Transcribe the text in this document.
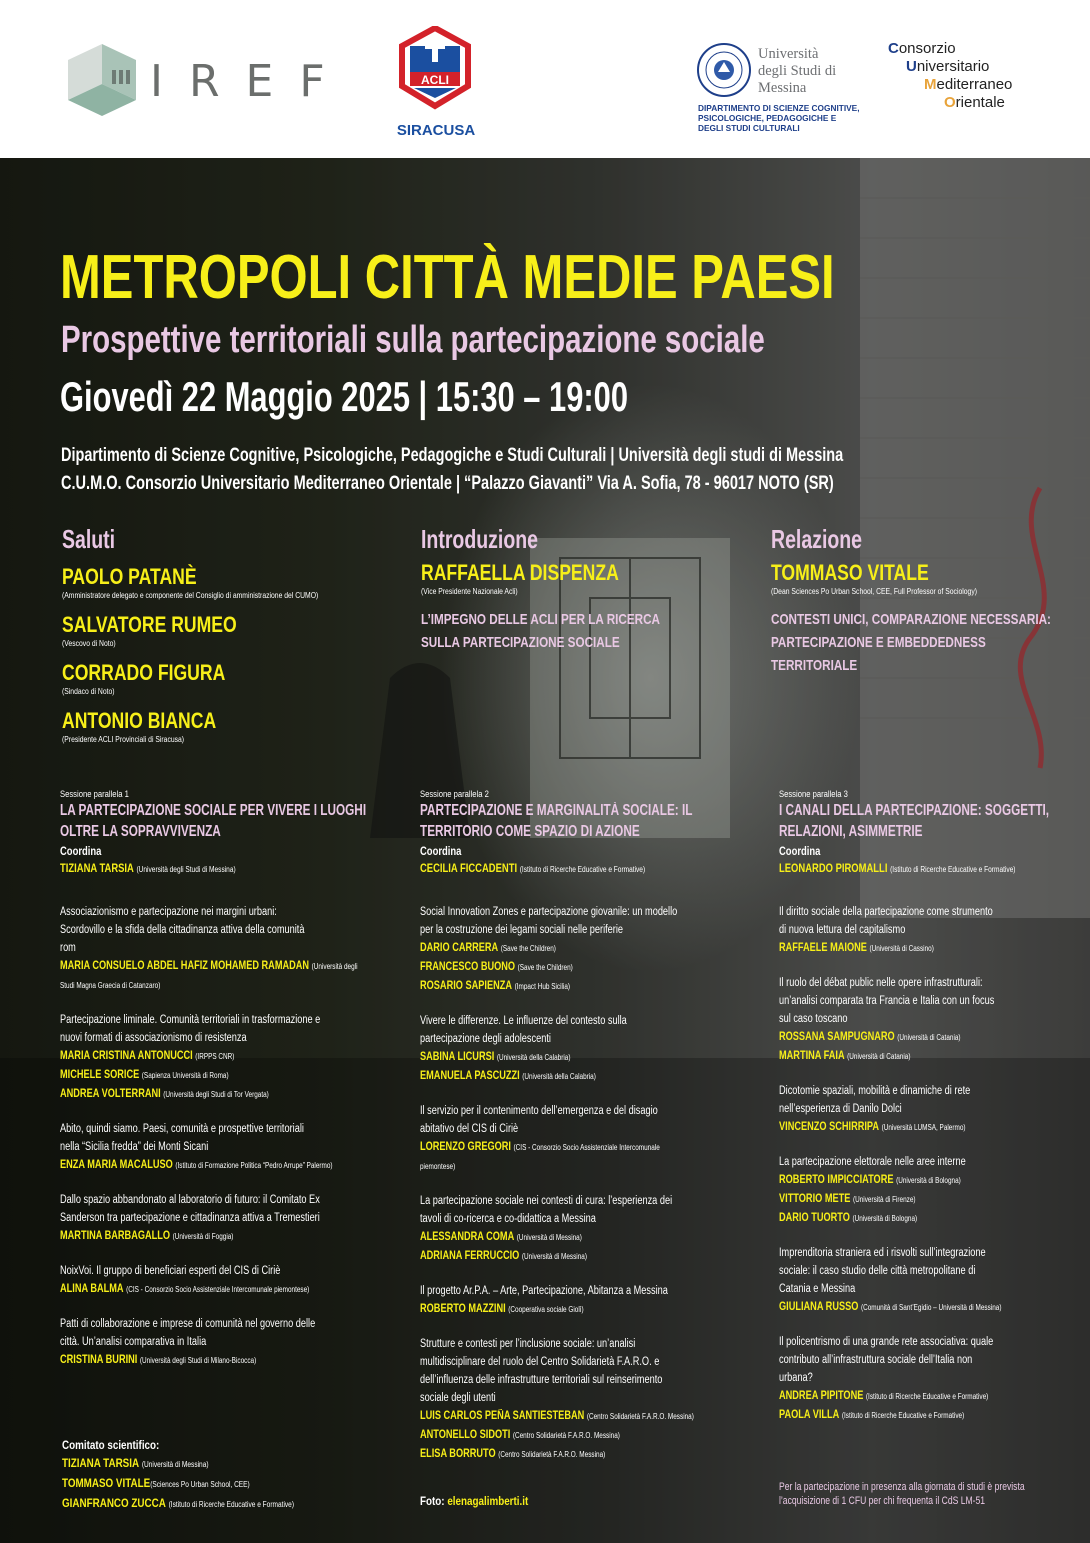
IREF	ACLI
SIRACUSA
Università
degli Studi di
Messina
DIPARTIMENTO DI SCIENZE COGNITIVE,
PSICOLOGICHE, PEDAGOGICHE E
DEGLI STUDI CULTURALI
Consorzio
Universitario
Mediterraneo
Orientale
METROPOLI CITTÀ MEDIE PAESI
Prospettive territoriali sulla partecipazione sociale
Giovedì 22 Maggio 2025 | 15:30 – 19:00
Dipartimento di Scienze Cognitive, Psicologiche, Pedagogiche e Studi Culturali | Università degli studi di Messina
C.U.M.O. Consorzio Universitario Mediterraneo Orientale | “Palazzo Giavanti” Via A. Sofia, 78 - 96017 NOTO (SR)
Saluti
PAOLO PATANÈ
(Amministratore delegato e componente del Consiglio di amministrazione del CUMO)
SALVATORE RUMEO
(Vescovo di Noto)
CORRADO FIGURA
(Sindaco di Noto)
ANTONIO BIANCA
(Presidente ACLI Provinciali di Siracusa)
Introduzione
RAFFAELLA DISPENZA
(Vice Presidente Nazionale Acli)
L’IMPEGNO DELLE ACLI PER LA RICERCA
SULLA PARTECIPAZIONE SOCIALE
Relazione
TOMMASO VITALE
(Dean Sciences Po Urban School, CEE, Full Professor of Sociology)
CONTESTI UNICI, COMPARAZIONE NECESSARIA:
PARTECIPAZIONE E EMBEDDEDNESS
TERRITORIALE
Sessione parallela 1
LA PARTECIPAZIONE SOCIALE PER VIVERE I LUOGHI
OLTRE LA SOPRAVVIVENZA
Coordina
TIZIANA TARSIA (Università degli Studi di Messina)
Associazionismo e partecipazione nei margini urbani:
Scordovillo e la sfida della cittadinanza attiva della comunità
rom
MARIA CONSUELO ABDEL HAFIZ MOHAMED RAMADAN (Università degli
Studi Magna Graecia di Catanzaro)
Partecipazione liminale. Comunità territoriali in trasformazione e
nuovi formati di associazionismo di resistenza
MARIA CRISTINA ANTONUCCI (IRPPS CNR)
MICHELE SORICE (Sapienza Università di Roma)
ANDREA VOLTERRANI (Università degli Studi di Tor Vergata)
Abito, quindi siamo. Paesi, comunità e prospettive territoriali
nella “Sicilia fredda” dei Monti Sicani
ENZA MARIA MACALUSO (Istituto di Formazione Politica “Pedro Arrupe” Palermo)
Dallo spazio abbandonato al laboratorio di futuro: il Comitato Ex
Sanderson tra partecipazione e cittadinanza attiva a Tremestieri
MARTINA BARBAGALLO (Università di Foggia)
NoixVoi. Il gruppo di beneficiari esperti del CIS di Ciriè
ALINA BALMA (CIS - Consorzio Socio Assistenziale Intercomunale piemontese)
Patti di collaborazione e imprese di comunità nel governo delle
città. Un’analisi comparativa in Italia
CRISTINA BURINI (Università degli Studi di Milano-Bicocca)
Sessione parallela 2
PARTECIPAZIONE E MARGINALITÀ SOCIALE: IL
TERRITORIO COME SPAZIO DI AZIONE
Coordina
CECILIA FICCADENTI (Istituto di Ricerche Educative e Formative)
Social Innovation Zones e partecipazione giovanile: un modello
per la costruzione dei legami sociali nelle periferie
DARIO CARRERA (Save the Children)
FRANCESCO BUONO (Save the Children)
ROSARIO SAPIENZA (Impact Hub Sicilia)
Vivere le differenze. Le influenze del contesto sulla
partecipazione degli adolescenti
SABINA LICURSI (Università della Calabria)
EMANUELA PASCUZZI (Università della Calabria)
Il servizio per il contenimento dell’emergenza e del disagio
abitativo del CIS di Ciriè
LORENZO GREGORI (CIS - Consorzio Socio Assistenziale Intercomunale
piemontese)
La partecipazione sociale nei contesti di cura: l’esperienza dei
tavoli di co-ricerca e co-didattica a Messina
ALESSANDRA COMA (Università di Messina)
ADRIANA FERRUCCIO (Università di Messina)
Il progetto Ar.P.A. – Arte, Partecipazione, Abitanza a Messina
ROBERTO MAZZINI (Cooperativa sociale Giolì)
Strutture e contesti per l’inclusione sociale: un’analisi
multidisciplinare del ruolo del Centro Solidarietà F.A.R.O. e
dell’influenza delle infrastrutture territoriali sul reinserimento
sociale degli utenti
LUIS CARLOS PEÑA SANTIESTEBAN (Centro Solidarietà F.A.R.O. Messina)
ANTONELLO SIDOTI (Centro Solidarietà F.A.R.O. Messina)
ELISA BORRUTO (Centro Solidarietà F.A.R.O. Messina)
Sessione parallela 3
I CANALI DELLA PARTECIPAZIONE: SOGGETTI,
RELAZIONI, ASIMMETRIE
Coordina
LEONARDO PIROMALLI (Istituto di Ricerche Educative e Formative)
Il diritto sociale della partecipazione come strumento
di nuova lettura del capitalismo
RAFFAELE MAIONE (Università di Cassino)
Il ruolo del débat public nelle opere infrastrutturali:
un’analisi comparata tra Francia e Italia con un focus
sul caso toscano
ROSSANA SAMPUGNARO (Università di Catania)
MARTINA FAIA (Università di Catania)
Dicotomie spaziali, mobilità e dinamiche di rete
nell’esperienza di Danilo Dolci
VINCENZO SCHIRRIPA (Università LUMSA, Palermo)
La partecipazione elettorale nelle aree interne
ROBERTO IMPICCIATORE (Università di Bologna)
VITTORIO METE (Università di Firenze)
DARIO TUORTO (Università di Bologna)
Imprenditoria straniera ed i risvolti sull’integrazione
sociale: il caso studio delle città metropolitane di
Catania e Messina
GIULIANA RUSSO (Comunità di Sant’Egidio – Università di Messina)
Il policentrismo di una grande rete associativa: quale
contributo all’infrastruttura sociale dell’Italia non
urbana?
ANDREA PIPITONE (Istituto di Ricerche Educative e Formative)
PAOLA VILLA (Istituto di Ricerche Educative e Formative)
Comitato scientifico:
TIZIANA TARSIA (Università di Messina)
TOMMASO VITALE(Sciences Po Urban School, CEE)
GIANFRANCO ZUCCA (Istituto di Ricerche Educative e Formative)	Foto: elenagalimberti.it
Per la partecipazione in presenza alla giornata di studi è prevista
l’acquisizione di 1 CFU per chi frequenta il CdS LM-51
